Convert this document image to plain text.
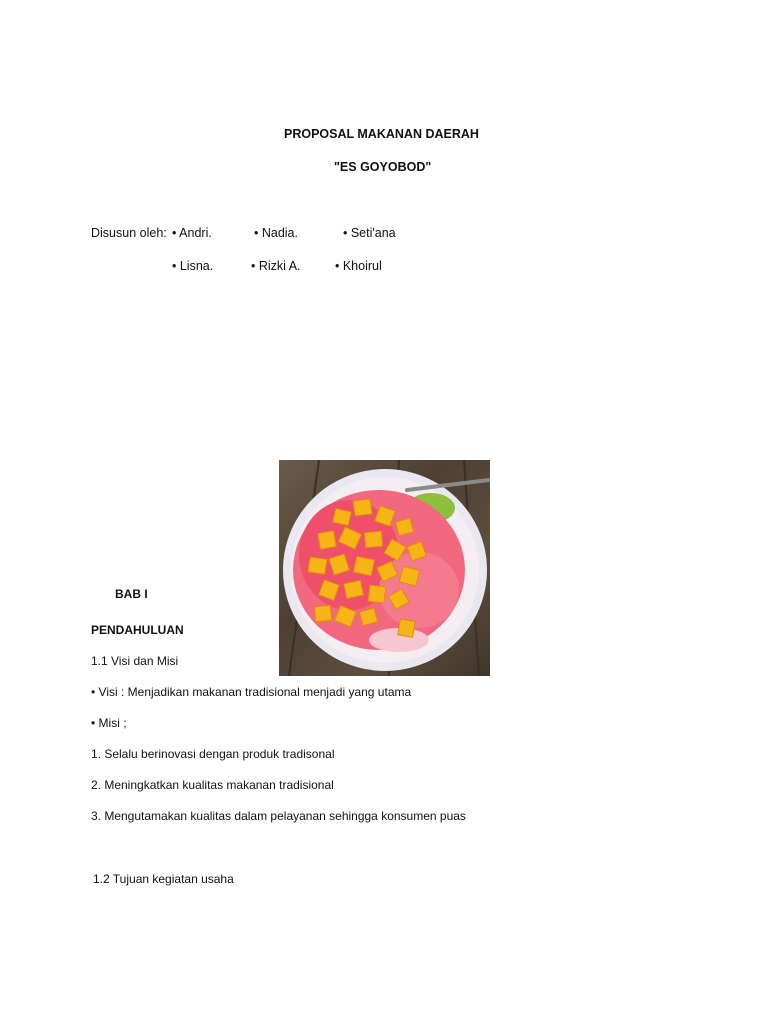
PROPOSAL MAKANAN DAERAH
"ES GOYOBOD"
Disusun oleh: • Andri.	• Nadia.	• Seti'ana
• Lisna.	• Rizki A.	• Khoirul
BAB I
PENDAHULUAN
1.1 Visi dan Misi
• Visi : Menjadikan makanan tradisional menjadi yang utama
• Misi ;
1. Selalu berinovasi dengan produk tradisonal
2. Meningkatkan kualitas makanan tradisional
3. Mengutamakan kualitas dalam pelayanan sehingga konsumen puas
1.2 Tujuan kegiatan usaha
